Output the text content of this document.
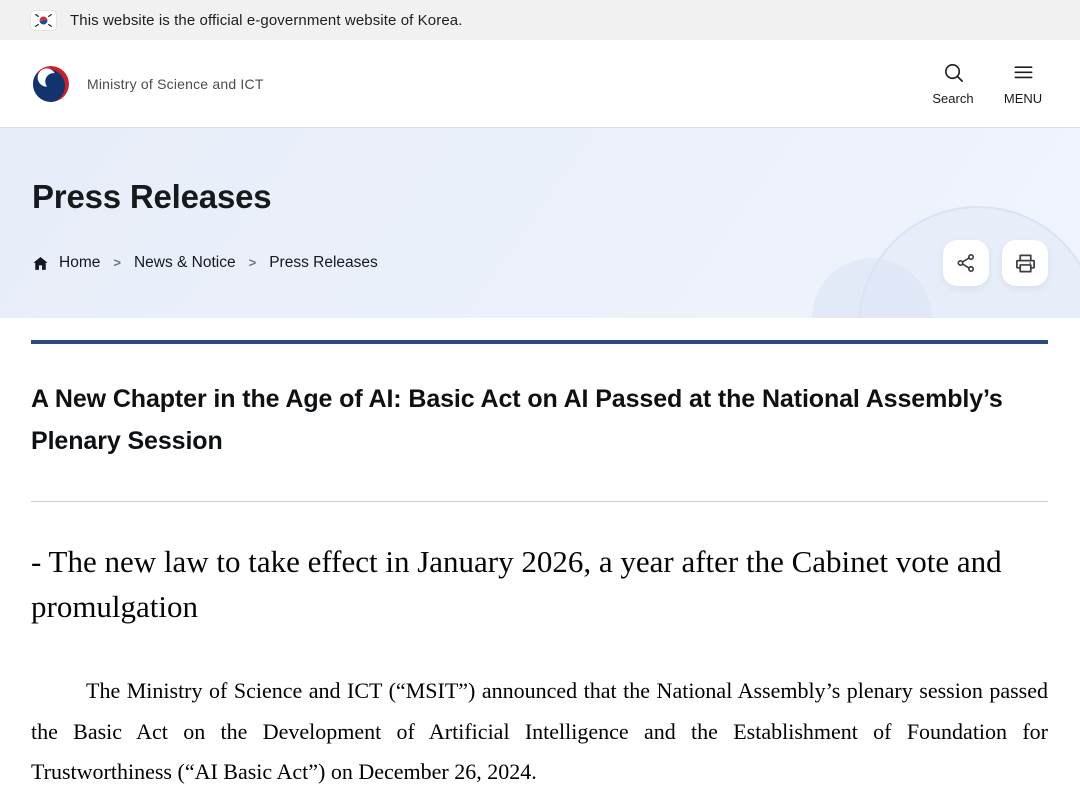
This website is the official e-government website of Korea.
Ministry of Science and ICT
Search MENU
Press Releases
Home > News & Notice > Press Releases
A New Chapter in the Age of AI: Basic Act on AI Passed at the National Assembly’s Plenary Session

- The new law to take effect in January 2026, a year after the Cabinet vote and promulgation

The Ministry of Science and ICT (“MSIT”) announced that the National Assembly’s plenary session passed the Basic Act on the Development of Artificial Intelligence and the Establishment of Foundation for Trustworthiness (“AI Basic Act”) on December 26, 2024.
